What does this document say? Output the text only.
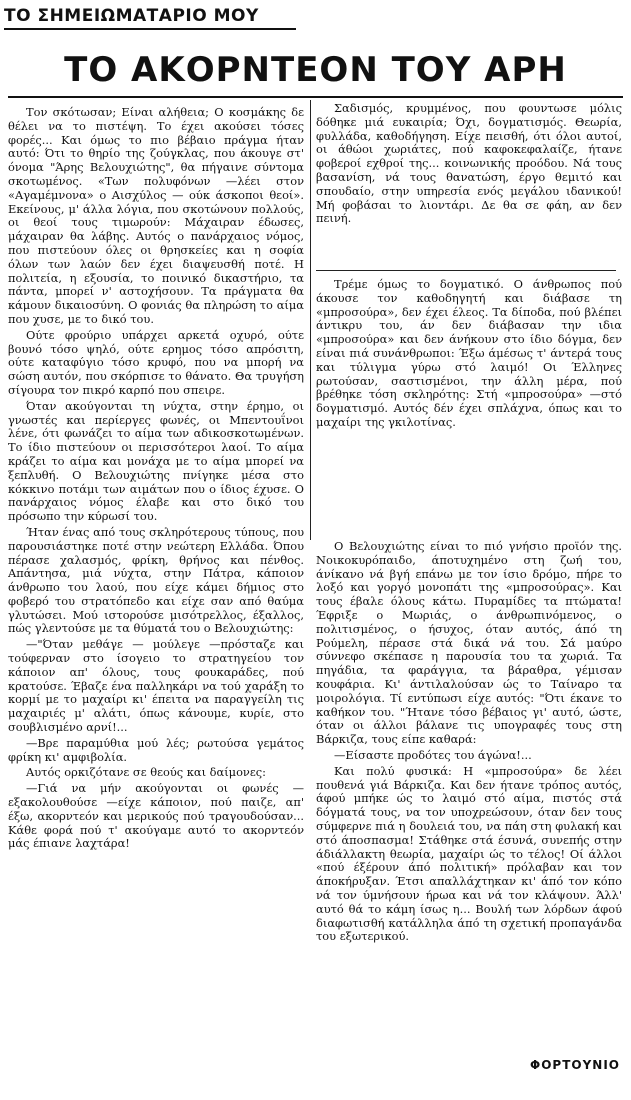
ΤΟ ΣΗΜΕΙΩΜΑΤΑΡΙΟ ΜΟΥ
ΤΟ ΑΚΟΡΝΤΕΟΝ ΤΟΥ ΑΡΗ

Τον σκότωσαν; Είναι αλήθεια; Ο κοσμάκης δε θέλει να το πιστέψη. Το έχει ακούσει τόσες φορές... Και όμως το πιο βέβαιο πράγμα ήταν αυτό: Ότι το θηρίο της ζούγκλας, που άκουγε στ' όνομα "Άρης Βελουχιώτης", θα πήγαινε σύντομα σκοτωμένος. «Των πολυφόνων —λέει στον «Αγαμέμνονα» ο Αισχύλος — ούκ άσκοποι θεοί». Εκείνους, μ' άλλα λόγια, που σκοτώνουν πολλούς, οι θεοί τους τιμωρούν: Μάχαιραν έδωσες, μάχαιραν θα λάβης. Αυτός ο πανάρχαιος νόμος, που πιστεύουν όλες οι θρησκείες και η σοφία όλων των λαών δεν έχει διαψευσθή ποτέ. Η πολιτεία, η εξουσία, το ποινικό δικαστήριο, τα πάντα, μπορεί ν' αστοχήσουν. Τα πράγματα θα κάμουν δικαιοσύνη. Ο φονιάς θα πληρώση το αίμα που χυσε, με το δικό του.

Ούτε φρούριο υπάρχει αρκετά οχυρό, ούτε βουνό τόσο ψηλό, ούτε ερημος τόσο απρόσιτη, ούτε καταφύγιο τόσο κρυφό, που να μπορή να σώση αυτόν, που σκόρπισε το θάνατο. Θα τρυγήση σίγουρα τον πικρό καρπό που σπειρε.

Όταν ακούγονται τη νύχτα, στην έρημο, οι γνωστές και περίεργες φωνές, οι Μπεντουΐνοι λένε, ότι φωνάζει το αίμα των αδικοσκοτωμένων. Το ίδιο πιστεύουν οι περισσότεροι λαοί. Το αίμα κράζει το αίμα και μονάχα με το αίμα μπορεί να ξεπλυθή. Ο Βελουχιώτης πνίγηκε μέσα στο κόκκινο ποτάμι των αιμάτων που ο ίδιος έχυσε. Ο πανάρχαιος νόμος έλαβε και στο δικό του πρόσωπο την κύρωσί του.

Ήταν ένας από τους σκληρότερους τύπους, που παρουσιάστηκε ποτέ στην νεώτερη Ελλάδα. Όπου πέρασε χαλασμός, φρίκη, θρήνος και πένθος. Απάντησα, μιά νύχτα, στην Πάτρα, κάποιον άνθρωπο του λαού, που είχε κάμει δήμιος στο φοβερό του στρατόπεδο και είχε σαν από θαύμα γλυτώσει. Μού ιστορούσε μισότρελλος, έξαλλος, πώς γλεντούσε με τα θύματά του ο Βελουχιώτης:

—"Όταν μεθάγε — μούλεγε —πρόσταζε και τούφερναν στο ίσογειο το στρατηγείου τον κάποιον απ' όλους, τους φουκαράδες, πού κρατούσε. Έβαζε ένα παλληκάρι να τού χαράξη το κορμί με το μαχαίρι κι' έπειτα να παραγγείλη τις μαχαιριές μ' αλάτι, όπως κάνουμε, κυρίε, στο σουβλισμένο αρνί!...

—Βρε παραμύθια μού λές; ρωτούσα γεμάτος φρίκη κι' αμφιβολία.

Αυτός ορκιζότανε σε θεούς και δαίμονες:

—Γιά να μήν ακούγονται οι φωνές —εξακολουθούσε —είχε κάποιον, πού παιζε, απ' έξω, ακορντεόν και μερικούς πού τραγουδούσαν... Κάθε φορά πού τ' ακούγαμε αυτό το ακορντεόν μάς έπιανε λαχτάρα!

Σαδισμός, κρυμμένος, που φουντωσε μόλις δόθηκε μιά ευκαιρία; Όχι, δογματισμός. Θεωρία, φυλλάδα, καθοδήγηση. Είχε πεισθή, ότι όλοι αυτοί, οι άθώοι χωριάτες, πού καφοκεφαλαίζε, ήτανε φοβεροί εχθροί της... κοινωνικής προόδου. Νά τους βασανίση, νά τους θανατώση, έργο θεμιτό και σπουδαίο, στην υπηρεσία ενός μεγάλου ιδανικού! Μή φοβάσαι το λιοντάρι. Δε θα σε φάη, αν δεν πεινή.

Τρέμε όμως το δογματικό. Ο άνθρωπος πού άκουσε τον καθοδηγητή και διάβασε τη «μπροσούρα», δεν έχει έλεος. Τα δίποδα, πού βλέπει άντικρυ του, άν δεν διάβασαν την ιδια «μπροσούρα» και δεν άνήκουν στο ίδιο δόγμα, δεν είναι πιά συνάνθρωποι: Έξω άμέσως τ' άντερά τους και τύλιγμα γύρω στό λαιμό! Οι Έλληνες ρωτούσαν, σαστισμένοι, την άλλη μέρα, πού βρέθηκε τόση σκληρότης: Στή «μπροσούρα» —στό δογματισμό. Αυτός δέν έχει σπλάχνα, όπως και το μαχαίρι της γκιλοτίνας.

Ο Βελουχιώτης είναι το πιό γνήσιο προϊόν της. Νοικοκυρόπαιδο, άποτυχημένο στη ζωή του, άνίκανο νά βγή επάνω με τον ίσιο δρόμο, πήρε το λοξό και γοργό μονοπάτι της «μπροσούρας». Και τους έβαλε όλους κάτω. Πυραμίδες τα πτώματα! Έφριξε ο Μωριάς, ο άνθρωπινόμενος, ο πολιτισμένος, ο ήσυχος, όταν αυτός, άπό τη Ρούμελη, πέρασε στά δικά νά του. Σά μαύρο σύννεφο σκέπασε η παρουσία του τα χωριά. Τα πηγάδια, τα φαράγγια, τα βάραθρα, γέμισαν κουφάρια. Κι' άντιλαλούσαν ώς το Ταίναρο τα μοιρολόγια. Τί εντύπωσι είχε αυτός: "Ότι έκανε το καθήκον του. "Ήτανε τόσο βέβαιος γι' αυτό, ώστε, όταν οι άλλοι βάλανε τις υπογραφές τους στη Βάρκιζα, τους είπε καθαρά:

—Είσαστε προδότες του άγώνα!...

Και πολύ φυσικά: Η «μπροσούρα» δε λέει πουθενά γιά Βάρκιζα. Και δεν ήτανε τρόπος αυτός, άφού μπήκε ώς το λαιμό στό αίμα, πιστός στά δόγματά τους, να τον υποχρεώσουν, όταν δεν τους σύμφερνε πιά η δουλειά του, να πάη στη φυλακή και στό άποσπασμα! Στάθηκε στά έσυνά, συνεπής στην άδιάλλακτη θεωρία, μαχαίρι ώς το τέλος! Οί άλλοι «πού έξέρουν άπό πολιτική» πρόλαβαν και τον άποκήρυξαν. Έτσι απαλλάχτηκαν κι' άπό τον κόπο νά τον ύμνήσουν ήρωα και νά τον κλάψουν. Άλλ' αυτό θά το κάμη ίσως η... Βουλή των λόρδων άφού διαφωτισθή κατάλληλα άπό τη σχετική προπαγάνδα του εξωτερικού.

ΦΟΡΤΟΥΝΙΟ
